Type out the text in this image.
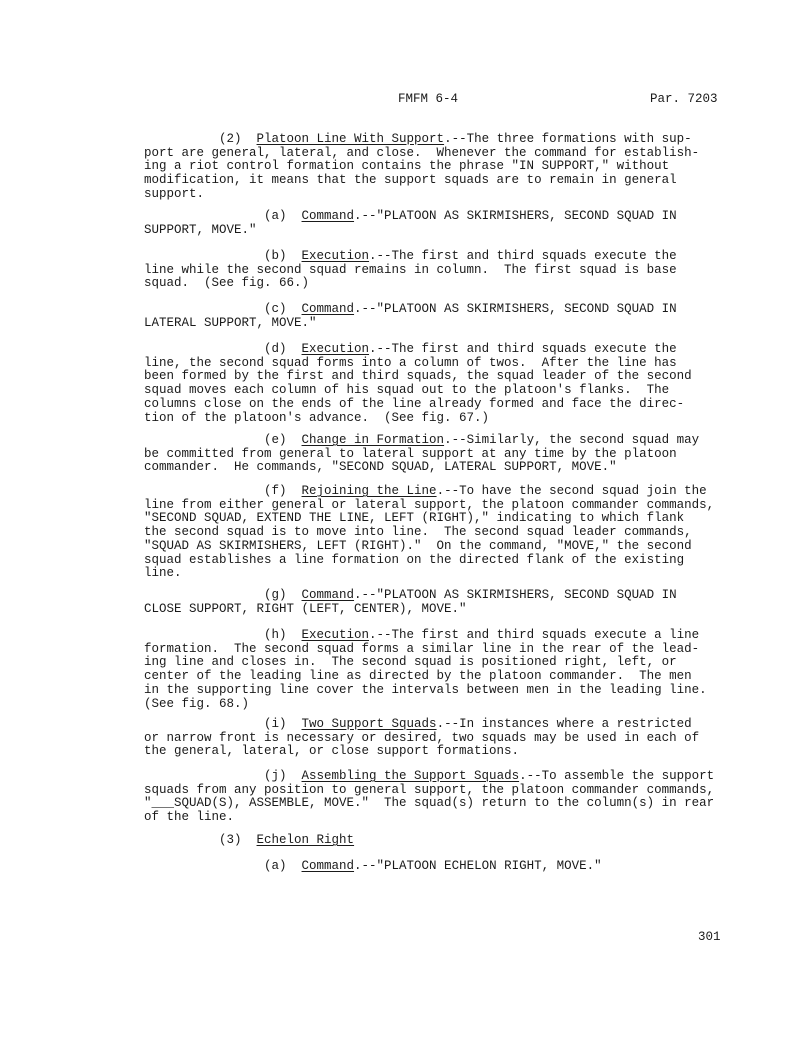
FMFM 6-4	Par. 7203
(2)  Platoon Line With Support.--The three formations with sup-
port are general, lateral, and close.  Whenever the command for establish-
ing a riot control formation contains the phrase "IN SUPPORT," without
modification, it means that the support squads are to remain in general
support.
(a)  Command.--"PLATOON AS SKIRMISHERS, SECOND SQUAD IN
SUPPORT, MOVE."
(b)  Execution.--The first and third squads execute the
line while the second squad remains in column.  The first squad is base
squad.  (See fig. 66.)
(c)  Command.--"PLATOON AS SKIRMISHERS, SECOND SQUAD IN
LATERAL SUPPORT, MOVE."
(d)  Execution.--The first and third squads execute the
line, the second squad forms into a column of twos.  After the line has
been formed by the first and third squads, the squad leader of the second
squad moves each column of his squad out to the platoon's flanks.  The
columns close on the ends of the line already formed and face the direc-
tion of the platoon's advance.  (See fig. 67.)
(e)  Change in Formation.--Similarly, the second squad may
be committed from general to lateral support at any time by the platoon
commander.  He commands, "SECOND SQUAD, LATERAL SUPPORT, MOVE."
(f)  Rejoining the Line.--To have the second squad join the
line from either general or lateral support, the platoon commander commands,
"SECOND SQUAD, EXTEND THE LINE, LEFT (RIGHT)," indicating to which flank
the second squad is to move into line.  The second squad leader commands,
"SQUAD AS SKIRMISHERS, LEFT (RIGHT)."  On the command, "MOVE," the second
squad establishes a line formation on the directed flank of the existing
line.
(g)  Command.--"PLATOON AS SKIRMISHERS, SECOND SQUAD IN
CLOSE SUPPORT, RIGHT (LEFT, CENTER), MOVE."
(h)  Execution.--The first and third squads execute a line
formation.  The second squad forms a similar line in the rear of the lead-
ing line and closes in.  The second squad is positioned right, left, or
center of the leading line as directed by the platoon commander.  The men
in the supporting line cover the intervals between men in the leading line.
(See fig. 68.)
(i)  Two Support Squads.--In instances where a restricted
or narrow front is necessary or desired, two squads may be used in each of
the general, lateral, or close support formations.
(j)  Assembling the Support Squads.--To assemble the support
squads from any position to general support, the platoon commander commands,
"___SQUAD(S), ASSEMBLE, MOVE."  The squad(s) return to the column(s) in rear
of the line.
(3)  Echelon Right
(a)  Command.--"PLATOON ECHELON RIGHT, MOVE."
301
